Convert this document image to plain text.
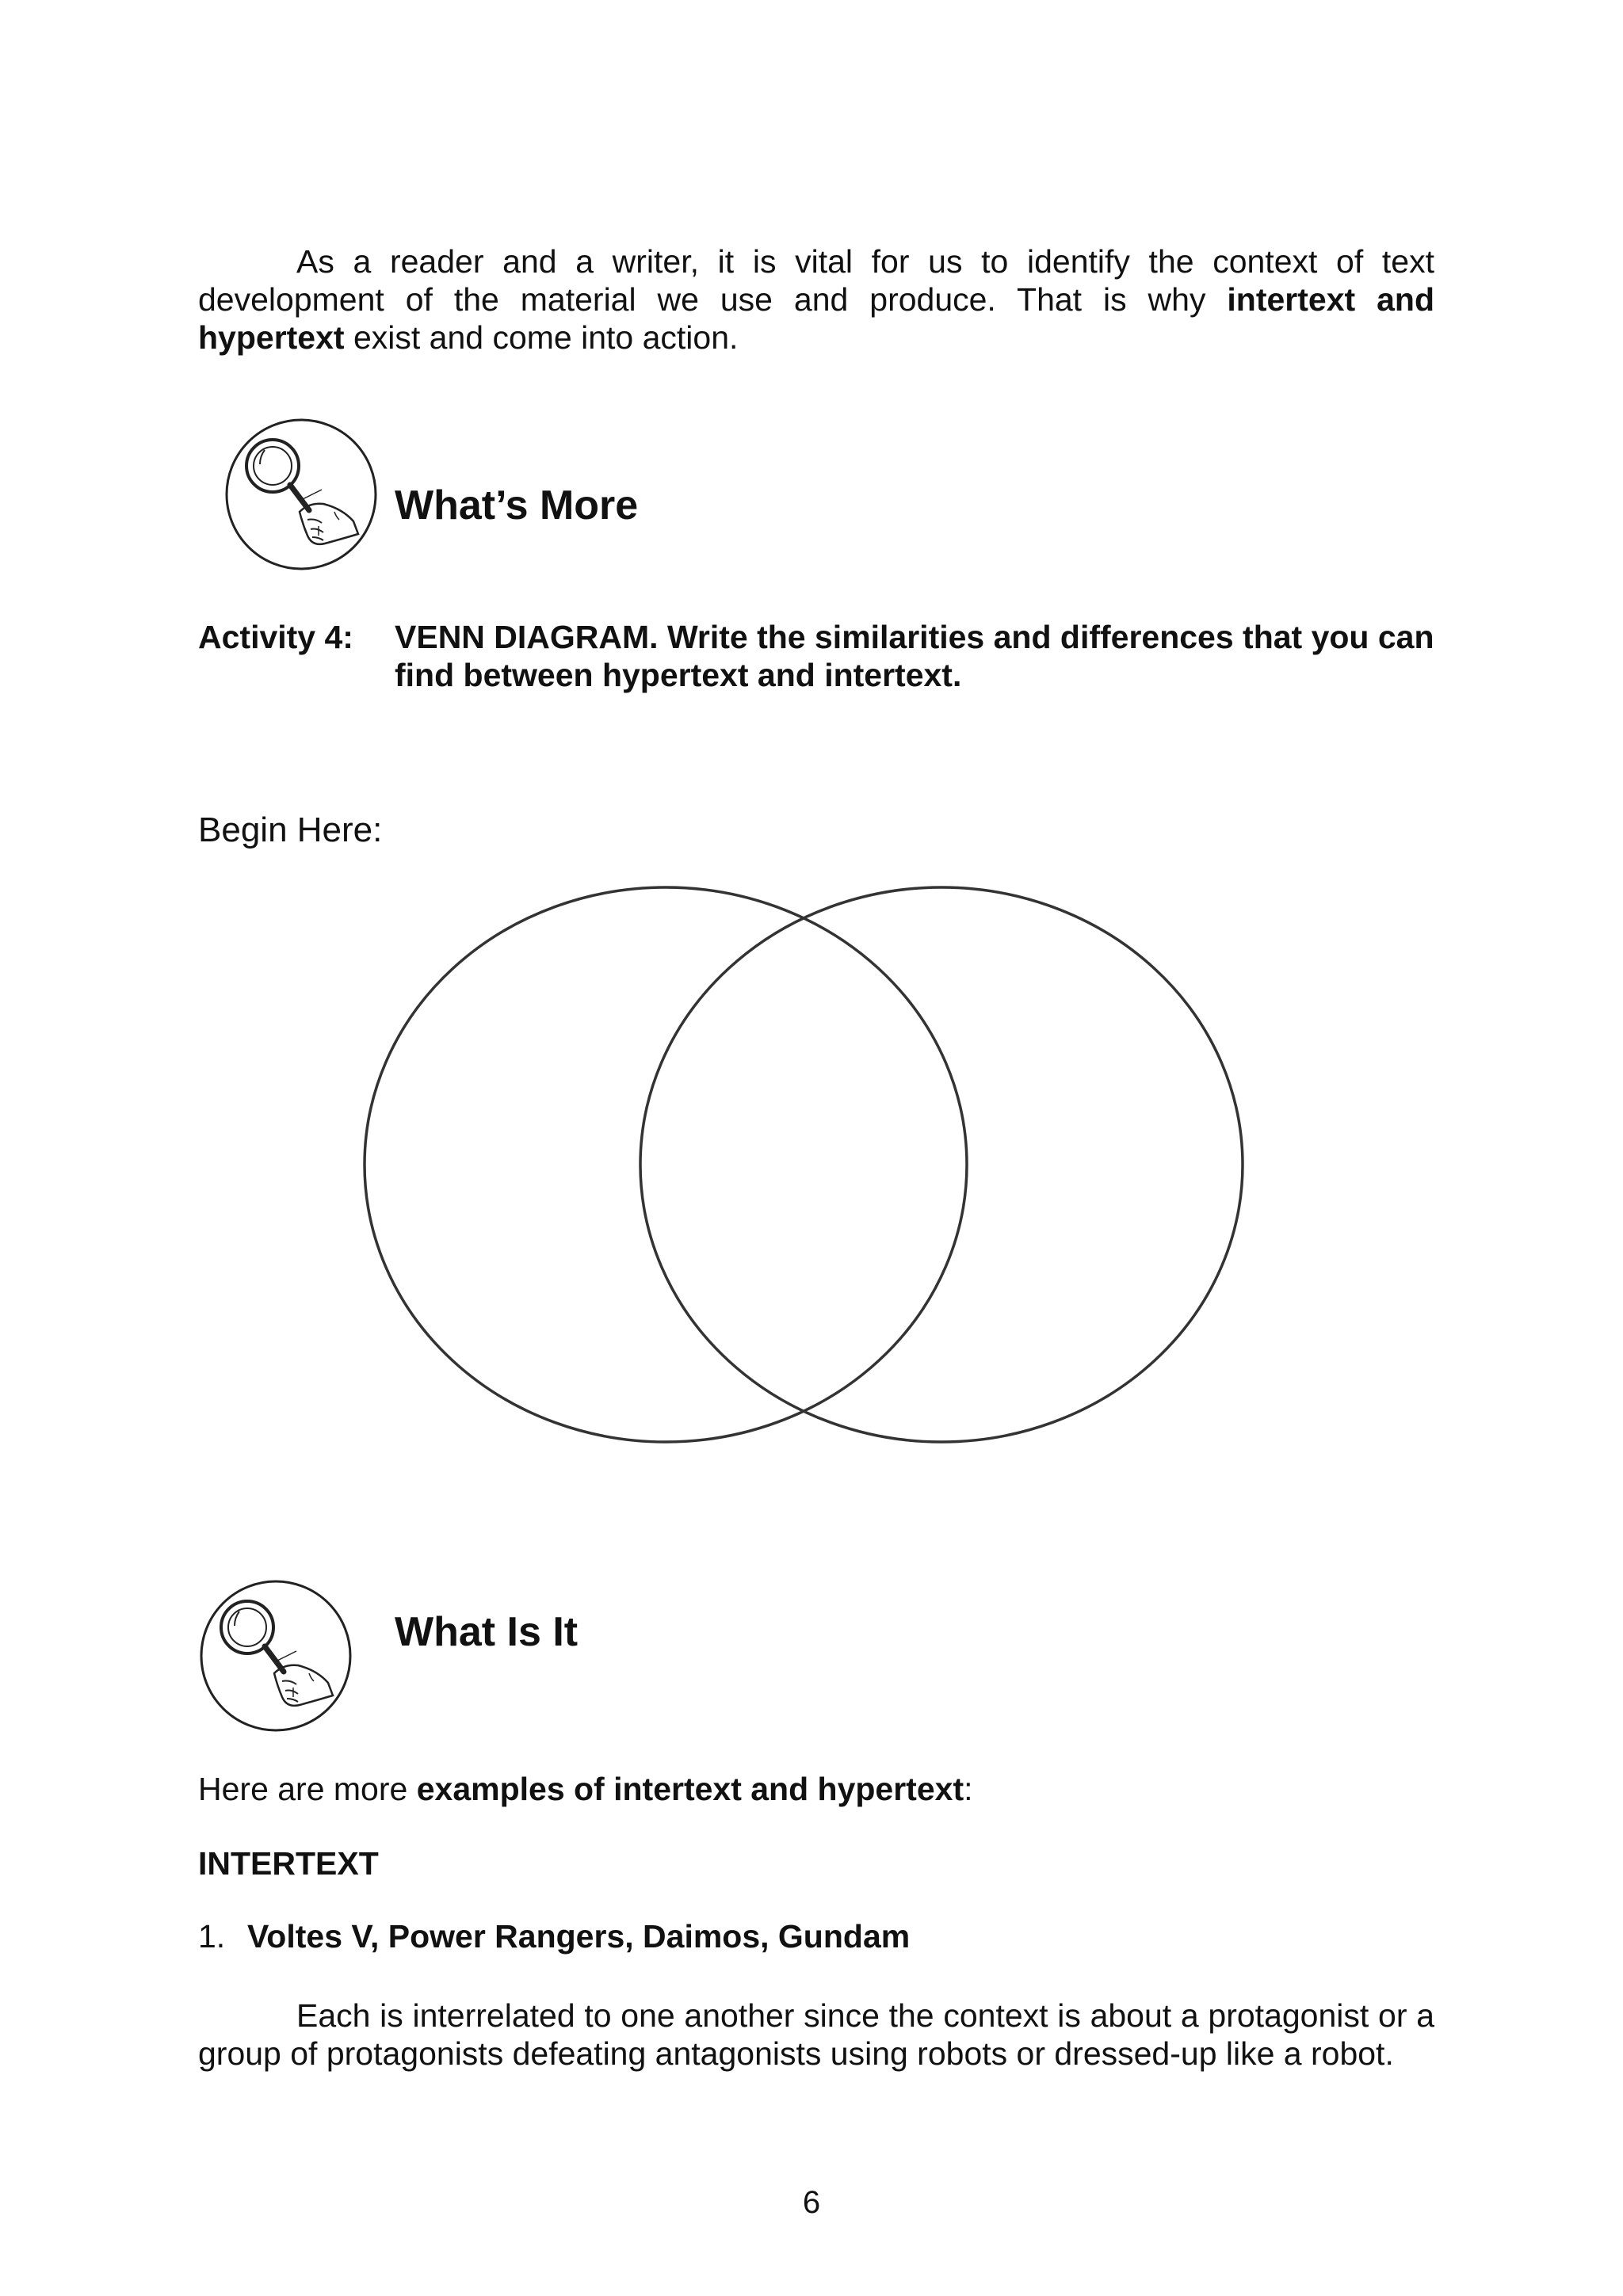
As a reader and a writer, it is vital for us to identify the context of text development of the material we use and produce. That is why intertext and hypertext exist and come into action.

What’s More
Activity 4: VENN DIAGRAM. Write the similarities and differences that you can find between hypertext and intertext.
Begin Here:
What Is It

Here are more examples of intertext and hypertext:

INTERTEXT
1. Voltes V, Power Rangers, Daimos, Gundam

Each is interrelated to one another since the context is about a protagonist or a group of protagonists defeating antagonists using robots or dressed-up like a robot.

6
